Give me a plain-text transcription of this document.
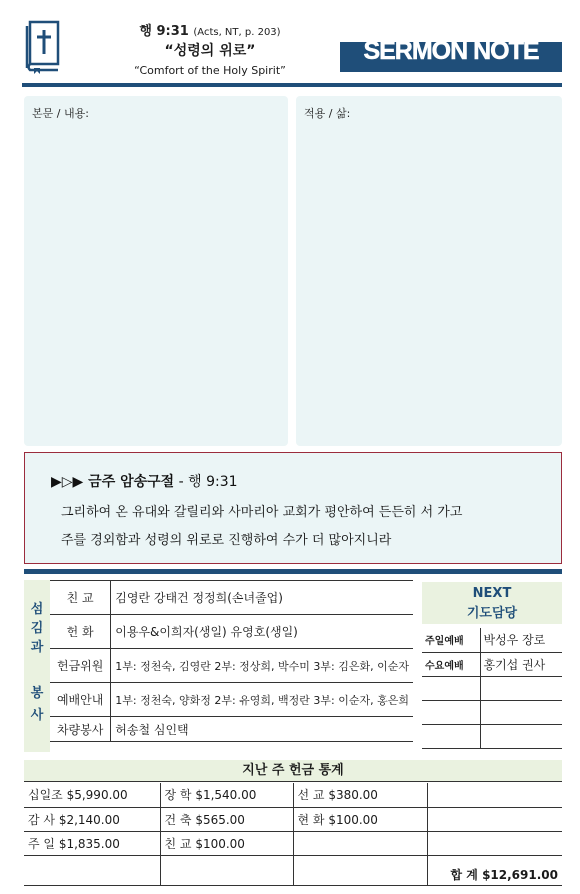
행 9:31 (Acts, NT, p. 203)
“성령의 위로”
“Comfort of the Holy Spirit”
SERMON NOTE
본문 / 내용:	적용 / 삶:
▶▷▶ 금주 암송구절 - 행 9:31
그리하여 온 유대와 갈릴리와 사마리아 교회가 평안하여 든든히 서 가고
주를 경외함과 성령의 위로로 진행하여 수가 더 많아지니라
섬
김
과
봉
사
친 교	김영란 강태건 정정희(손녀졸업)
헌 화	이용우&이희자(생일) 유영호(생일)
헌금위원	1부: 정천숙, 김영란 2부: 정상희, 박수미 3부: 김은화, 이순자
예배안내	1부: 정천숙, 양화정 2부: 유영희, 백정란 3부: 이순자, 홍은희
차량봉사	허송철 심인택
NEXT
기도담당
주일예배	박성우 장로
수요예배	홍기섭 권사

지난 주 헌금 통계
십일조 $5,990.00	장 학 $1,540.00	선 교 $380.00	
감 사 $2,140.00	건 축 $565.00	현 화 $100.00	
주 일 $1,835.00	친 교 $100.00		
			합 계 $12,691.00
